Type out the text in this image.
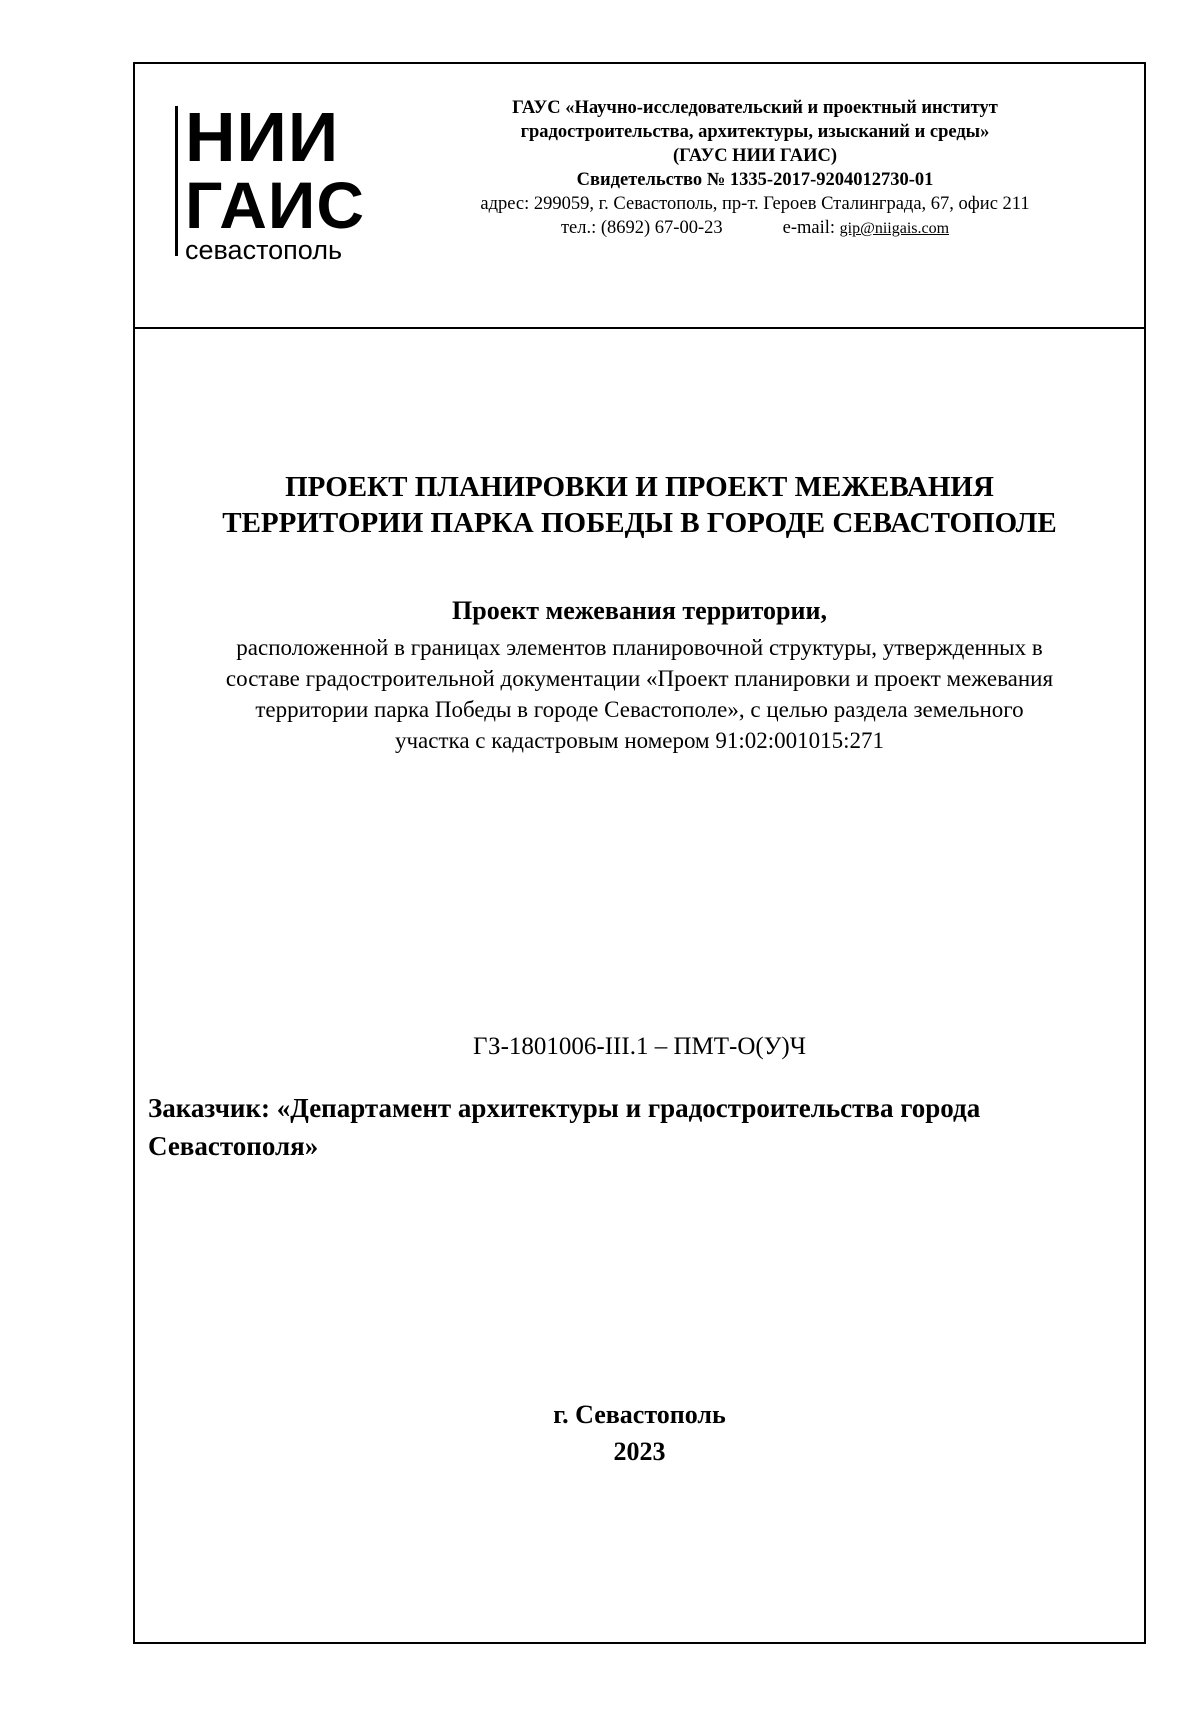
НИИ
ГАИС
севастополь
ГАУС «Научно-исследовательский и проектный институт
градостроительства, архитектуры, изысканий и среды»
(ГАУС НИИ ГАИС)
Свидетельство № 1335-2017-9204012730-01
адрес: 299059, г. Севастополь, пр-т. Героев Сталинграда, 67, офис 211
тел.: (8692) 67-00-23	e-mail: gip@niigais.com
ПРОЕКТ ПЛАНИРОВКИ И ПРОЕКТ МЕЖЕВАНИЯ
ТЕРРИТОРИИ ПАРКА ПОБЕДЫ В ГОРОДЕ СЕВАСТОПОЛЕ
Проект межевания территории,
расположенной в границах элементов планировочной структуры, утвержденных в
составе градостроительной документации «Проект планировки и проект межевания
территории парка Победы в городе Севастополе», с целью раздела земельного
участка с кадастровым номером 91:02:001015:271
ГЗ-1801006-III.1 – ПМТ-О(У)Ч
Заказчик: «Департамент архитектуры и градостроительства города
Севастополя»
г. Севастополь
2023
